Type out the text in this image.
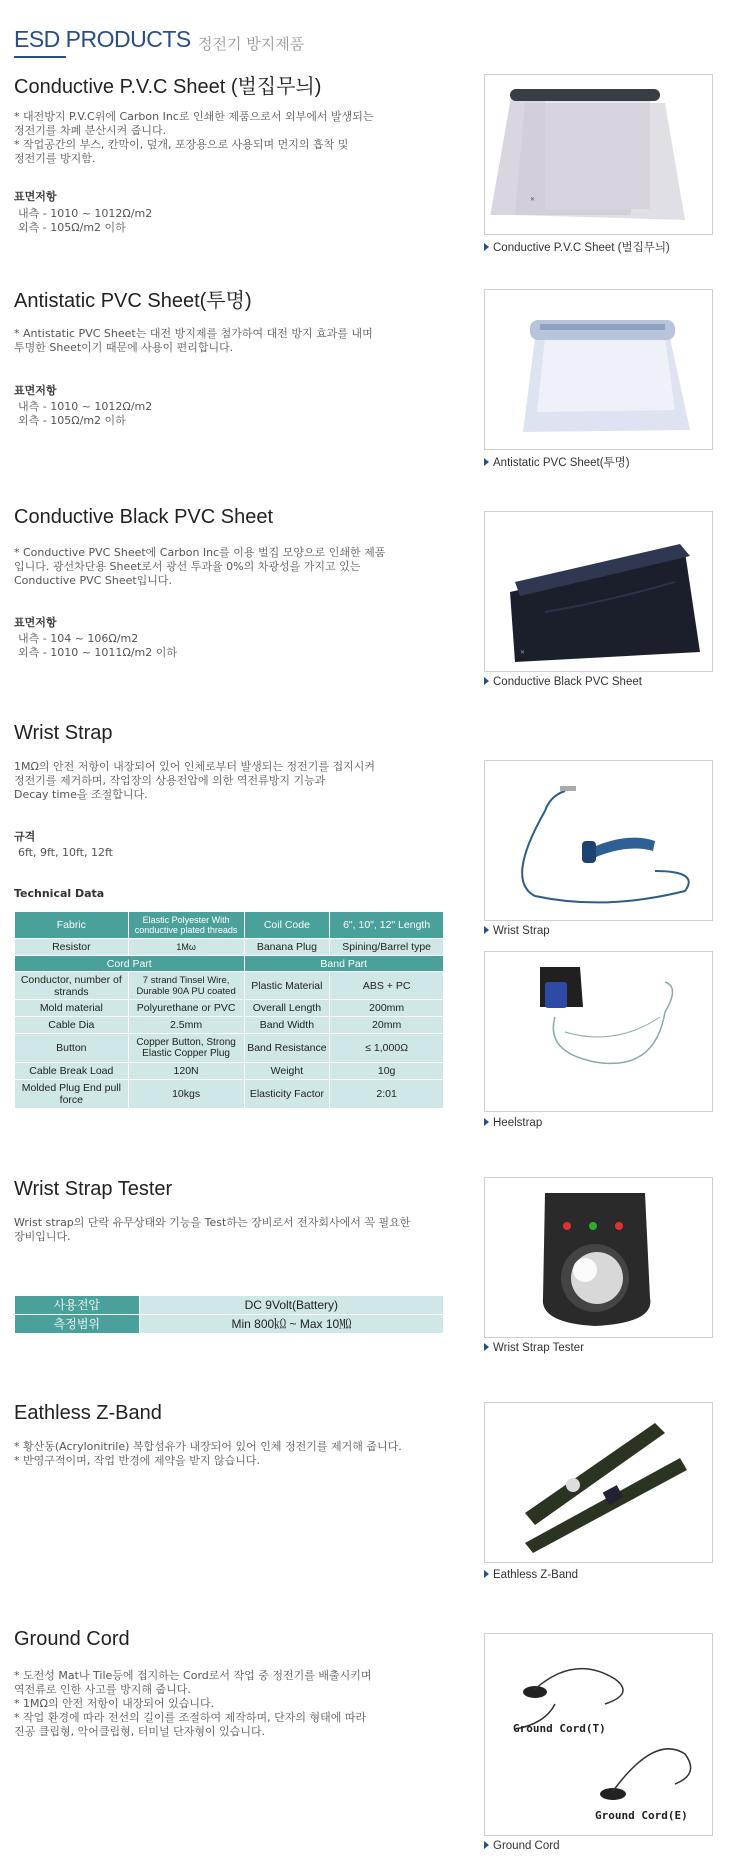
ESD PRODUCTS 정전기 방지제품
Conductive P.V.C Sheet (벌집무늬)

* 대전방지 P.V.C위에 Carbon Inc로 인쇄한 제품으로서 외부에서 발생되는
정전기를 차폐 분산시켜 줍니다.

* 작업공간의 부스, 칸막이, 덮개, 포장용으로 사용되며 먼지의 흡착 및
정전기를 방지함.

표면저항
내측 - 1010 ~ 1012Ω/m2
외측 - 105Ω/m2 이하
✕
Conductive P.V.C Sheet (벌집무늬)
Antistatic PVC Sheet(투명)

* Antistatic PVC Sheet는 대전 방지제를 첨가하여 대전 방지 효과를 내며
투명한 Sheet이기 때문에 사용이 편리합니다.

표면저항
내측 - 1010 ~ 1012Ω/m2
외측 - 105Ω/m2 이하
Antistatic PVC Sheet(투명)
Conductive Black PVC Sheet

* Conductive PVC Sheet에 Carbon Inc를 이용 벌집 모양으로 인쇄한 제품
입니다. 광선차단용 Sheet로서 광선 투과율 0%의 차광성을 가지고 있는
Conductive PVC Sheet입니다.

표면저항
내측 - 104 ~ 106Ω/m2
외측 - 1010 ~ 1011Ω/m2 이하	✕
Conductive Black PVC Sheet
Wrist Strap

1MΩ의 안전 저항이 내장되어 있어 인체로부터 발생되는 정전기를 접지시켜
정전기를 제거하며, 작업장의 상용전압에 의한 역전류방지 기능과
Decay time을 조절합니다.

규격
6ft, 9ft, 10ft, 12ft
Technical Data
Fabric	Elastic Polyester With conductive plated threads	Coil Code	6", 10", 12" Length
Resistor	1Mω	Banana Plug	Spining/Barrel type
Cord Part		Band Part	
Conductor, number of strands	7 strand Tinsel Wire, Durable 90A PU coated	Plastic Material	ABS + PC
Mold material	Polyurethane or PVC	Overall Length	200mm
Cable Dia	2.5mm	Band Width	20mm
Button	Copper Button, Strong Elastic Copper Plug	Band Resistance	≤ 1,000Ω
Cable Break Load	120N	Weight	10g
Molded Plug End pull force	10kgs	Elasticity Factor	2:01
Wrist Strap
Heelstrap
Wrist Strap Tester

Wrist strap의 단락 유무상태와 기능을 Test하는 장비로서 전자회사에서 꼭 필요한
장비입니다.

사용전압	DC 9Volt(Battery)
측정범위	Min 800㏀ ~ Max 10㏁
Wrist Strap Tester
Eathless Z-Band

* 황산동(Acrylonitrile) 복합섬유가 내장되어 있어 인체 정전기를 제거해 줍니다.
* 반영구적이며, 작업 반경에 제약을 받지 않습니다.

Eathless Z-Band
Ground Cord

* 도전성 Mat나 Tile등에 접지하는 Cord로서 작업 중 정전기를 배출시키며
역전류로 인한 사고를 방지해 줍니다.
* 1MΩ의 안전 저항이 내장되어 있습니다.
* 작업 환경에 따라 전선의 길이를 조절하여 제작하며, 단자의 형태에 따라
진공 클립형, 악어클립형, 터미널 단자형이 있습니다.	Ground Cord(T)
Ground Cord(E)
Ground Cord
